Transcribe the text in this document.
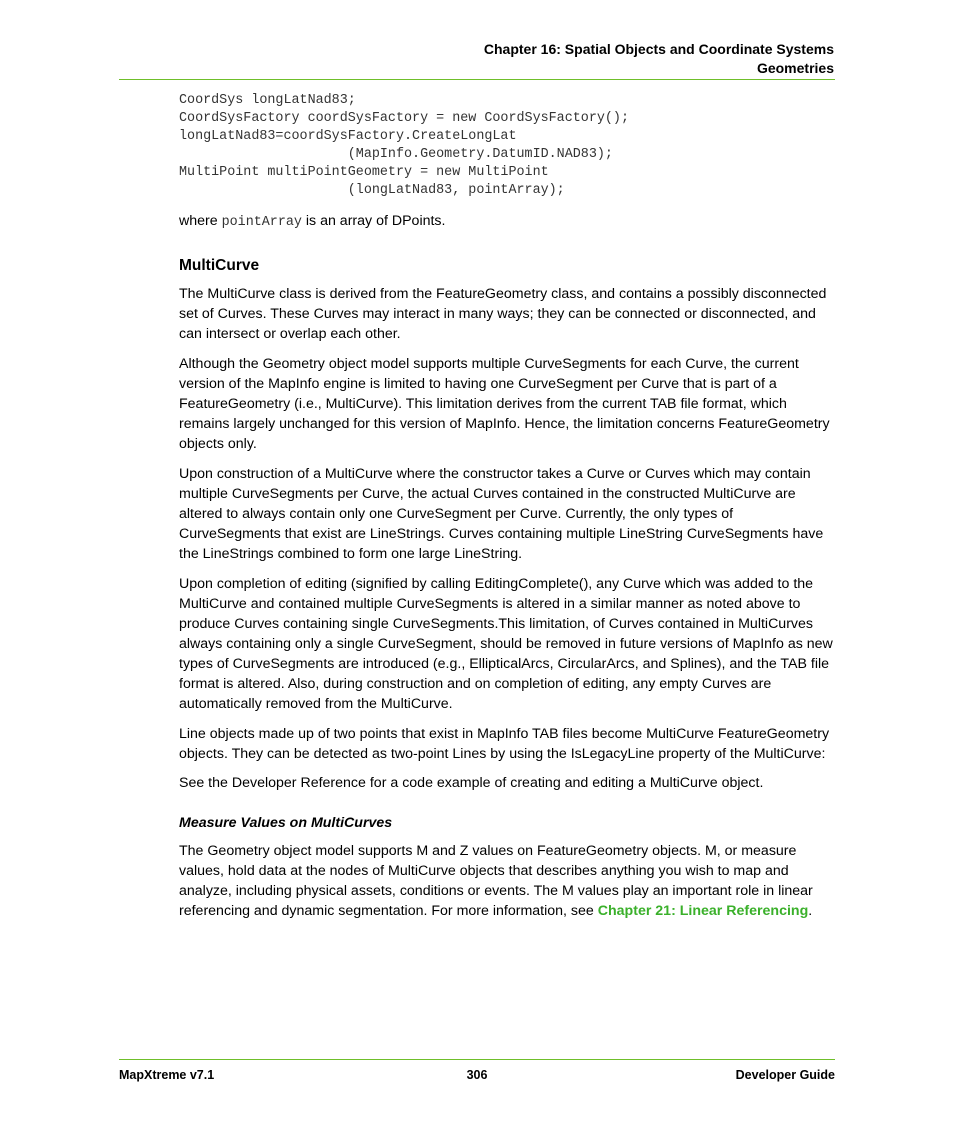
Chapter 16: Spatial Objects and Coordinate Systems
Geometries
CoordSys longLatNad83;
CoordSysFactory coordSysFactory = new CoordSysFactory();
longLatNad83=coordSysFactory.CreateLongLat
(MapInfo.Geometry.DatumID.NAD83);
MultiPoint multiPointGeometry = new MultiPoint
(longLatNad83, pointArray);

where pointArray is an array of DPoints.

MultiCurve

The MultiCurve class is derived from the FeatureGeometry class, and contains a possibly disconnected set of Curves. These Curves may interact in many ways; they can be connected or disconnected, and can intersect or overlap each other.

Although the Geometry object model supports multiple CurveSegments for each Curve, the current version of the MapInfo engine is limited to having one CurveSegment per Curve that is part of a FeatureGeometry (i.e., MultiCurve). This limitation derives from the current TAB file format, which remains largely unchanged for this version of MapInfo. Hence, the limitation concerns FeatureGeometry objects only.

Upon construction of a MultiCurve where the constructor takes a Curve or Curves which may contain multiple CurveSegments per Curve, the actual Curves contained in the constructed MultiCurve are altered to always contain only one CurveSegment per Curve. Currently, the only types of CurveSegments that exist are LineStrings. Curves containing multiple LineString CurveSegments have the LineStrings combined to form one large LineString.

Upon completion of editing (signified by calling EditingComplete(), any Curve which was added to the MultiCurve and contained multiple CurveSegments is altered in a similar manner as noted above to produce Curves containing single CurveSegments.This limitation, of Curves contained in MultiCurves always containing only a single CurveSegment, should be removed in future versions of MapInfo as new types of CurveSegments are introduced (e.g., EllipticalArcs, CircularArcs, and Splines), and the TAB file format is altered. Also, during construction and on completion of editing, any empty Curves are automatically removed from the MultiCurve.

Line objects made up of two points that exist in MapInfo TAB files become MultiCurve FeatureGeometry objects. They can be detected as two-point Lines by using the IsLegacyLine property of the MultiCurve:

See the Developer Reference for a code example of creating and editing a MultiCurve object.

Measure Values on MultiCurves

The Geometry object model supports M and Z values on FeatureGeometry objects. M, or measure values, hold data at the nodes of MultiCurve objects that describes anything you wish to map and analyze, including physical assets, conditions or events. The M values play an important role in linear referencing and dynamic segmentation. For more information, see Chapter 21: Linear Referencing.

MapXtreme v7.1	306	Developer Guide
